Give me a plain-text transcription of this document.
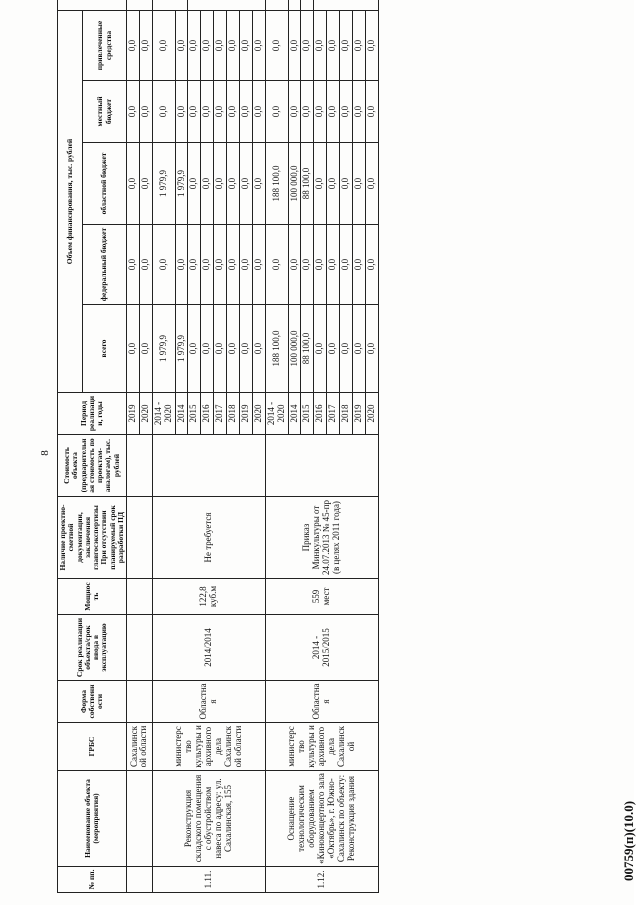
8
№ пп.	Наименование объекта (мероприятия)	ГРБС	Форма собственности	Срок реализации объекта/срок ввода в эксплуатацию	Мощность	Наличие проектно-сметной документации, заключения главгосэкспертизы При отсутствии планируемый срок разработки ПД	Стоимость объекта (предварительная стоимость по проектам-аналогам), тыс. рублей	Период реализации, годы	Объем финансирования, тыс. рублей	
									всего	федеральный бюджет	областной бюджет	местный бюджет	привлеченные средства	
		Сахалинской области						2019	0,0	0,0	0,0	0,0	0,0	
								2020	0,0	0,0	0,0	0,0	0,0	
1.11.	Реконструкция складского помещения с обустройством навеса по адресу: ул. Сахалинская, 155	министерство культуры и архивного дела Сахалинской области	Областная	2014/2014	122,8 куб.м	Не требуется		2014 - 2020	1 979,9	0,0	1 979,9	0,0	0,0	
								2014	1 979,9	0,0	1 979,9	0,0	0,0	
								2015	0,0	0,0	0,0	0,0	0,0	
								2016	0,0	0,0	0,0	0,0	0,0	
								2017	0,0	0,0	0,0	0,0	0,0	
								2018	0,0	0,0	0,0	0,0	0,0	
								2019	0,0	0,0	0,0	0,0	0,0	
								2020	0,0	0,0	0,0	0,0	0,0	
1.12.	Оснащение технологическим оборудованием «Киноконцертного зала «Октябрь», г. Южно-Сахалинск по объекту: Реконструкция здания	министерство культуры и архивного дела Сахалинской	Областная	2014 - 2015/2015	559 мест	Приказ Минкультуры от 24.07.2013 № 45-пр (в целях 2011 года)		2014 - 2020	188 100,0	0,0	188 100,0	0,0	0,0	
								2014	100 000,0	0,0	100 000,0	0,0	0,0	
								2015	88 100,0	0,0	88 100,0	0,0	0,0	
								2016	0,0	0,0	0,0	0,0	0,0	
								2017	0,0	0,0	0,0	0,0	0,0	
								2018	0,0	0,0	0,0	0,0	0,0	
								2019	0,0	0,0	0,0	0,0	0,0	
								2020	0,0	0,0	0,0	0,0	0,0	
00759(п)(10.0)
